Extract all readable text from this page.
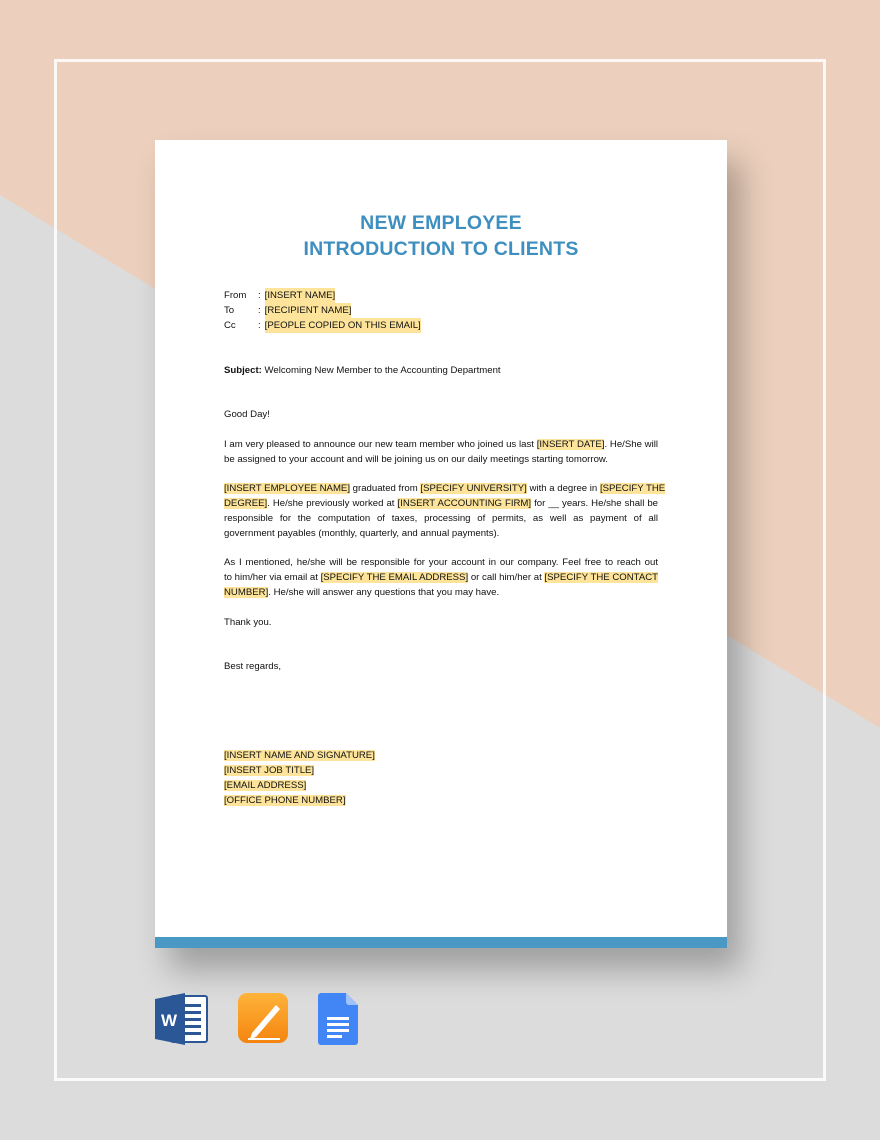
NEW EMPLOYEE
INTRODUCTION TO CLIENTS
From	: [INSERT NAME]
To	: [RECIPIENT NAME]
Cc	: [PEOPLE COPIED ON THIS EMAIL]
Subject: Welcoming New Member to the Accounting Department
Good Day!
I am very pleased to announce our new team member who joined us last [INSERT DATE]. He/She will
be assigned to your account and will be joining us on our daily meetings starting tomorrow.
[INSERT EMPLOYEE NAME] graduated from [SPECIFY UNIVERSITY] with a degree in [SPECIFY THE
DEGREE]. He/she previously worked at [INSERT ACCOUNTING FIRM] for __ years. He/she shall be
responsible for the computation of taxes, processing of permits, as well as payment of all
government payables (monthly, quarterly, and annual payments).
As I mentioned, he/she will be responsible for your account in our company. Feel free to reach out
to him/her via email at [SPECIFY THE EMAIL ADDRESS] or call him/her at [SPECIFY THE CONTACT
NUMBER]. He/she will answer any questions that you may have.
Thank you.
Best regards,
[INSERT NAME AND SIGNATURE]
[INSERT JOB TITLE]
[EMAIL ADDRESS]
[OFFICE PHONE NUMBER]
W
